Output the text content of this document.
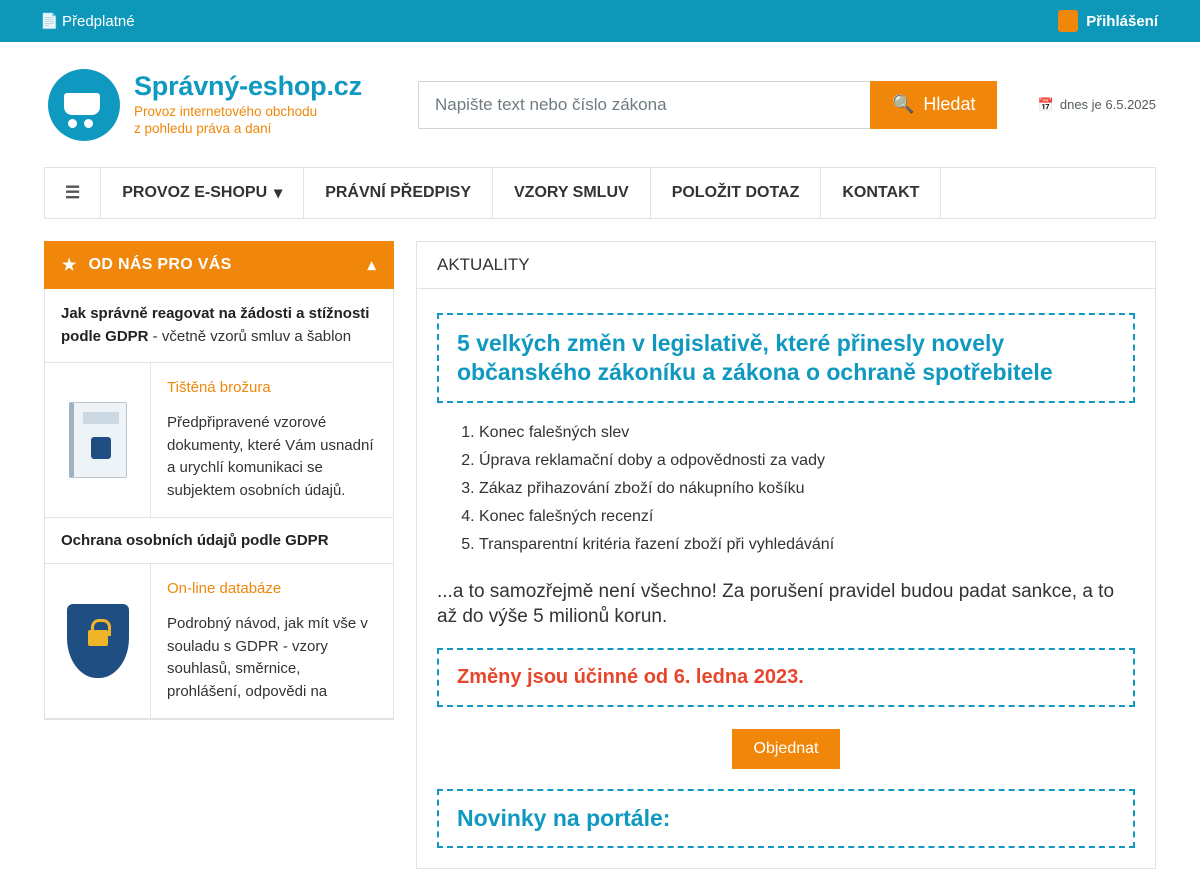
📄 Předplatné	Přihlášení
Správný-eshop.cz
Provoz internetového obchodu
z pohledu práva a daní
Napište text nebo číslo zákona
🔍 Hledat	📅 dnes je 6.5.2025
☰	PROVOZ E-SHOPU ▾	PRÁVNÍ PŘEDPISY	VZORY SMLUV	POLOŽIT DOTAZ	KONTAKT
★ OD NÁS PRO VÁS	▴
Jak správně reagovat na žádosti a stížnosti podle GDPR - včetně vzorů smluv a šablon
Tištěná brožura
Předpřipravené vzorové dokumenty, které Vám usnadní a urychlí komunikaci se subjektem osobních údajů.
Ochrana osobních údajů podle GDPR
On-line databáze
Podrobný návod, jak mít vše v souladu s GDPR - vzory souhlasů, směrnice, prohlášení, odpovědi na
AKTUALITY
5 velkých změn v legislativě, které přinesly novely občanského zákoníku a zákona o ochraně spotřebitele
1. Konec falešných slev
2. Úprava reklamační doby a odpovědnosti za vady
3. Zákaz přihazování zboží do nákupního košíku
4. Konec falešných recenzí
5. Transparentní kritéria řazení zboží při vyhledávání
...a to samozřejmě není všechno! Za porušení pravidel budou padat sankce, a to až do výše 5 milionů korun.
Změny jsou účinné od 6. ledna 2023.
Objednat
Novinky na portále:
